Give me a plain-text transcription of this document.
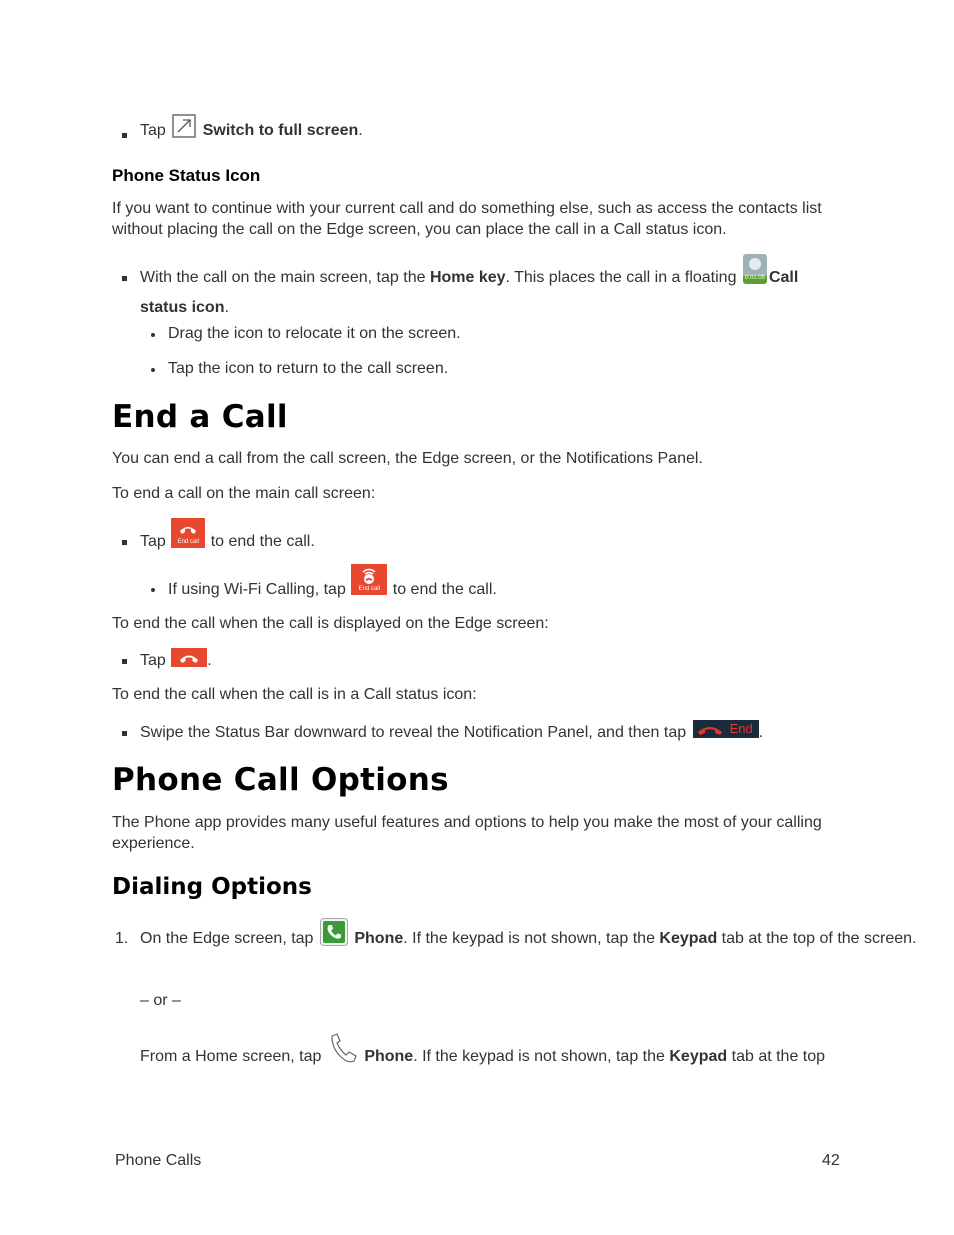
Tap Switch to full screen.
Phone Status Icon
If you want to continue with your current call and do something else, such as access the contacts list without placing the call on the Edge screen, you can place the call in a Call status icon.
With the call on the main screen, tap the Home key. This places the call in a floating	0:01:05 Call
status icon.
Drag the icon to relocate it on the screen.
Tap the icon to return to the call screen.
End a Call
You can end a call from the call screen, the Edge screen, or the Notifications Panel.
To end a call on the main call screen:
Tap	End call to end the call.
If using Wi-Fi Calling, tap	End call to end the call.
To end the call when the call is displayed on the Edge screen:
Tap	.
To end the call when the call is in a Call status icon:
Swipe the Status Bar downward to reveal the Notification Panel, and then tap	End .
Phone Call Options
The Phone app provides many useful features and options to help you make the most of your calling experience.
Dialing Options
1. On the Edge screen, tap	Phone. If the keypad is not shown, tap the Keypad tab at the top of the screen.
– or –
From a Home screen, tap	Phone. If the keypad is not shown, tap the Keypad tab at the top
Phone Calls	42
